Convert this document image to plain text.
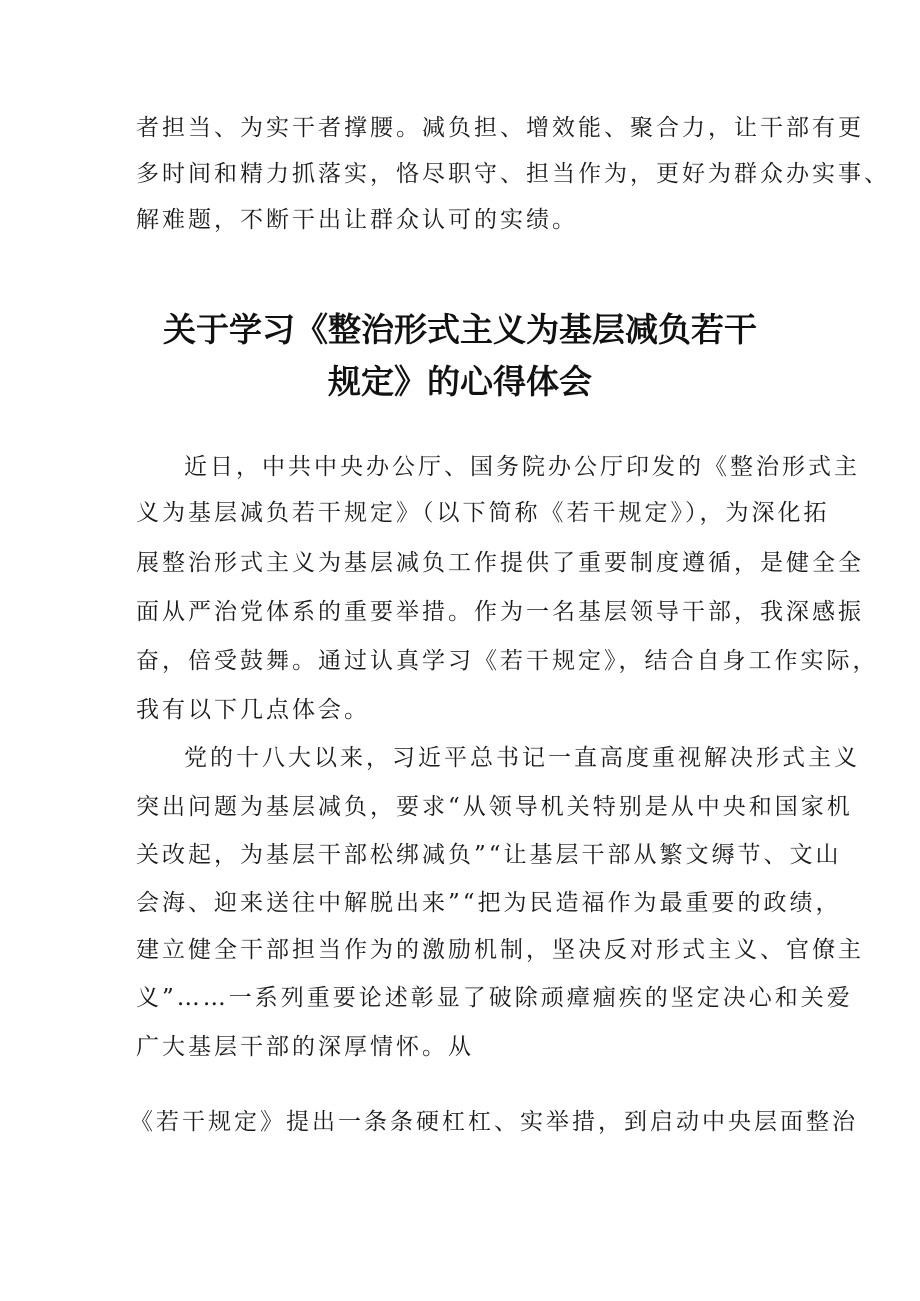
者担当、为实干者撑腰。减负担、增效能、聚合力，让干部有更
多时间和精力抓落实，恪尽职守、担当作为，更好为群众办实事、
解难题，不断干出让群众认可的实绩。
关于学习《整治形式主义为基层减负若干
规定》的心得体会
近日，中共中央办公厅、国务院办公厅印发的《整治形式主
义为基层减负若干规定》（以下简称《若干规定》），为深化拓
展整治形式主义为基层减负工作提供了重要制度遵循，是健全全
面从严治党体系的重要举措。作为一名基层领导干部，我深感振
奋，倍受鼓舞。通过认真学习《若干规定》，结合自身工作实际，
我有以下几点体会。
党的十八大以来，习近平总书记一直高度重视解决形式主义
突出问题为基层减负，要求“从领导机关特别是从中央和国家机
关改起，为基层干部松绑减负”“让基层干部从繁文缛节、文山
会海、迎来送往中解脱出来”“把为民造福作为最重要的政绩，
建立健全干部担当作为的激励机制，坚决反对形式主义、官僚主
义”……一系列重要论述彰显了破除顽瘴痼疾的坚定决心和关爱
广大基层干部的深厚情怀。从
《若干规定》提出一条条硬杠杠、实举措，到启动中央层面整治
